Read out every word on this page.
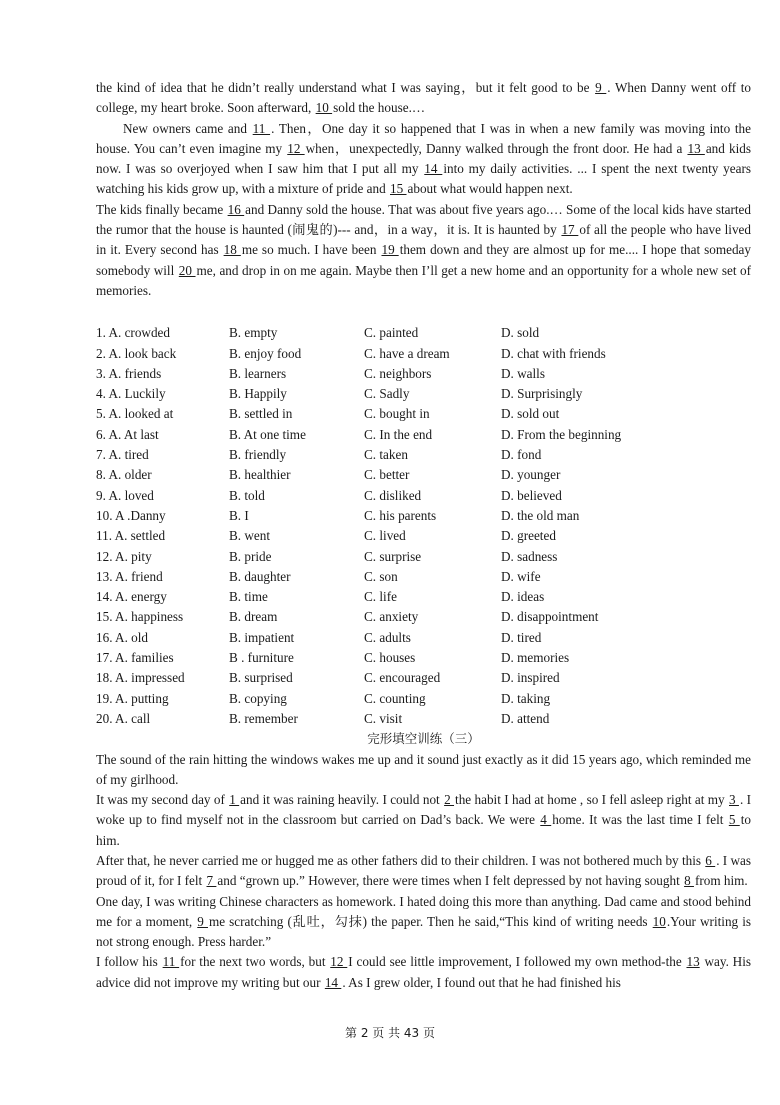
the kind of idea that he didn’t really understand what I was saying，but it felt good to be 9 . When Danny went off to college, my heart broke. Soon afterward, 10 sold the house.…

New owners came and 11 . Then，One day it so happened that I was in when a new family was moving into the house. You can’t even imagine my 12 when，unexpectedly, Danny walked through the front door. He had a 13 and kids now. I was so overjoyed when I saw him that I put all my 14 into my daily activities. ... I spent the next twenty years watching his kids grow up, with a mixture of pride and 15 about what would happen next.

The kids finally became 16 and Danny sold the house. That was about five years ago.… Some of the local kids have started the rumor that the house is haunted (闹鬼的)--- and，in a way，it is. It is haunted by 17 of all the people who have lived in it. Every second has 18 me so much. I have been 19 them down and they are almost up for me.... I hope that someday somebody will 20 me, and drop in on me again. Maybe then I’ll get a new home and an opportunity for a whole new set of memories.

1. A. crowded	B. empty	C. painted	D. sold
2. A. look back	B. enjoy food	C. have a dream	D. chat with friends
3. A. friends	B. learners	C. neighbors	D. walls
4. A. Luckily	B. Happily	C. Sadly	D. Surprisingly
5. A. looked at	B. settled in	C. bought in	D. sold out
6. A. At last	B. At one time	C. In the end	D. From the beginning
7. A. tired	B. friendly	C. taken	D. fond
8. A. older	B. healthier	C. better	D. younger
9. A. loved	B. told	C. disliked	D. believed
10. A .Danny	B. I	C. his parents	D. the old man
11. A. settled	B. went	C. lived	D. greeted
12. A. pity	B. pride	C. surprise	D. sadness
13. A. friend	B. daughter	C. son	D. wife
14. A. energy	B. time	C. life	D. ideas
15. A. happiness	B. dream	C. anxiety	D. disappointment
16. A. old	B. impatient	C. adults	D. tired
17. A. families	B . furniture	C. houses	D. memories
18. A. impressed	B. surprised	C. encouraged	D. inspired
19. A. putting	B. copying	C. counting	D. taking
20. A. call	B. remember	C. visit	D. attend

完形填空训练（三）

The sound of the rain hitting the windows wakes me up and it sound just exactly as it did 15 years ago, which reminded me of my girlhood.

It was my second day of 1 and it was raining heavily. I could not 2 the habit I had at home , so I fell asleep right at my 3 . I woke up to find myself not in the classroom but carried on Dad’s back. We were 4 home. It was the last time I felt 5 to him.

After that, he never carried me or hugged me as other fathers did to their children. I was not bothered much by this 6 . I was proud of it, for I felt 7 and “grown up.” However, there were times when I felt depressed by not having sought 8 from him.

One day, I was writing Chinese characters as homework. I hated doing this more than anything. Dad came and stood behind me for a moment, 9 me scratching (乱吐，勾抹) the paper. Then he said,“This kind of writing needs 10.Your writing is not strong enough. Press harder.”

I follow his 11 for the next two words, but 12 I could see little improvement, I followed my own method-the 13 way. His advice did not improve my writing but our 14 . As I grew older, I found out that he had finished his

第 2 页 共 43 页
